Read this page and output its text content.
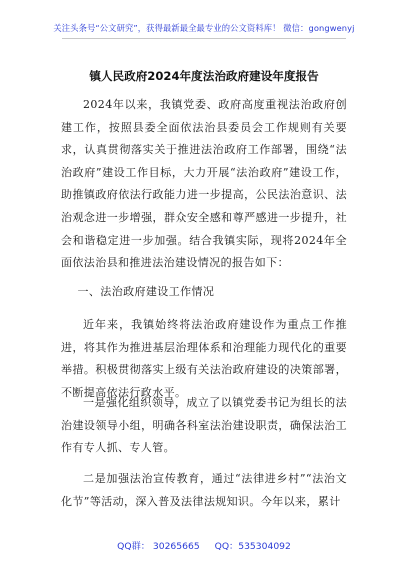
关注头条号“公文研究”，获得最新最全最专业的公文资料库！ 微信：gongwenyj
镇人民政府2024年度法治政府建设年度报告
2024年以来，我镇党委、政府高度重视法治政府创建工作，按照县委全面依法治县委员会工作规则有关要求，认真贯彻落实关于推进法治政府工作部署，围绕“法治政府”建设工作目标，大力开展“法治政府”建设工作，助推镇政府依法行政能力进一步提高，公民法治意识、法治观念进一步增强，群众安全感和尊严感进一步提升，社会和谐稳定进一步加强。结合我镇实际，现将2024年全面依法治县和推进法治建设情况的报告如下：
一、法治政府建设工作情况
近年来，我镇始终将法治政府建设作为重点工作推进，将其作为推进基层治理体系和治理能力现代化的重要举措。积极贯彻落实上级有关法治政府建设的决策部署，不断提高依法行政水平。
一是强化组织领导，成立了以镇党委书记为组长的法治建设领导小组，明确各科室法治建设职责，确保法治工作有专人抓、专人管。
二是加强法治宣传教育，通过“法律进乡村”“法治文化节”等活动，深入普及法律法规知识。今年以来，累计
QQ群： 30265665 QQ：535304092
